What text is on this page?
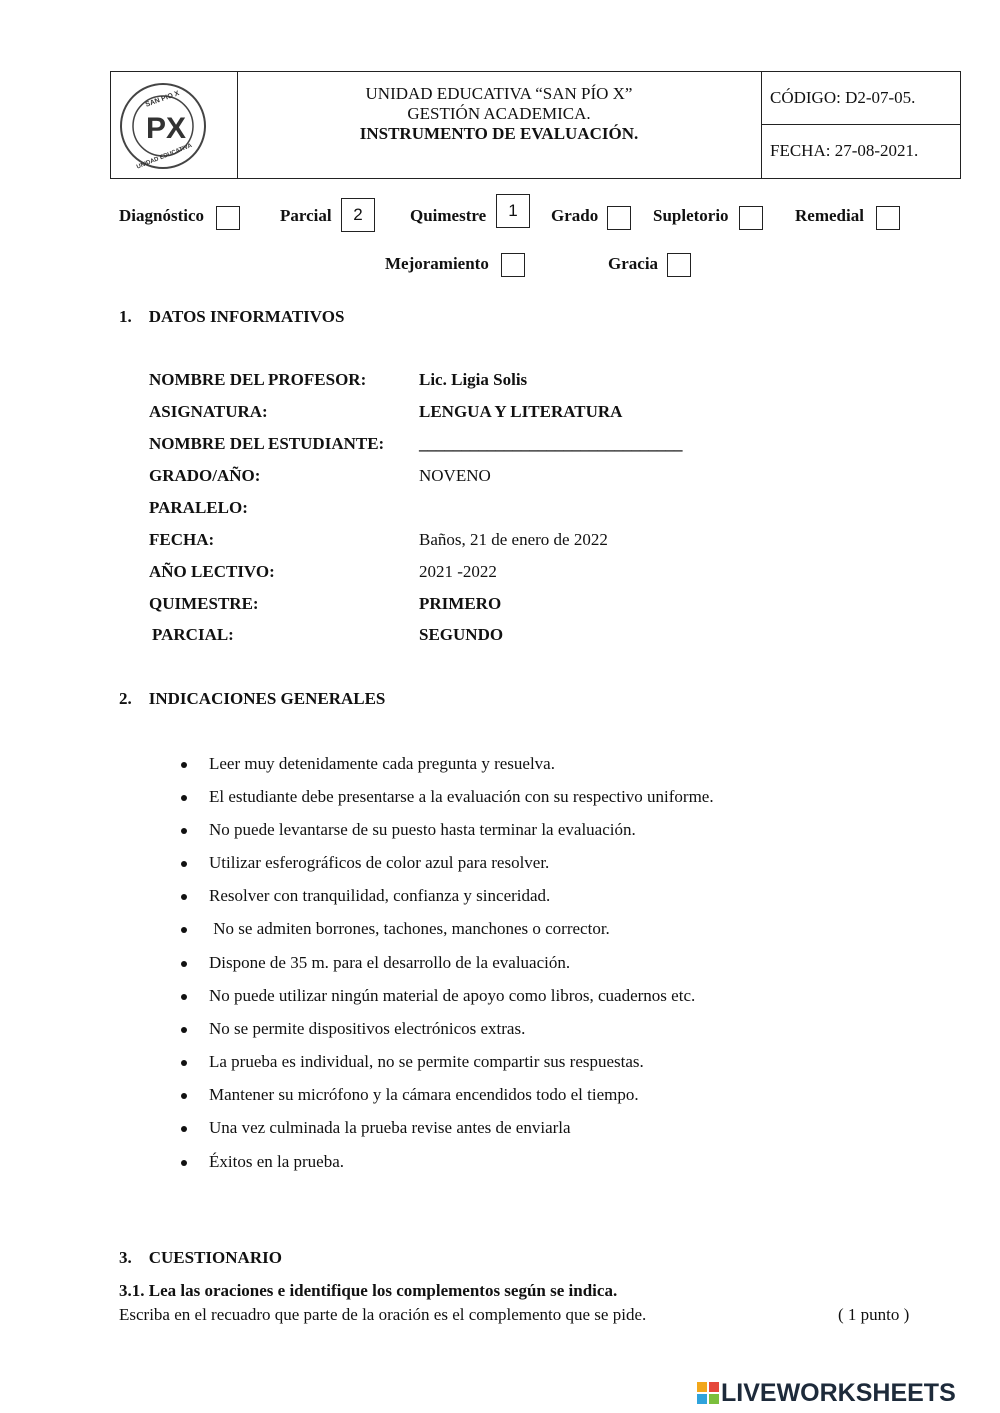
SAN PIO X
UNIDAD EDUCATIVA
PX
UNIDAD EDUCATIVA “SAN PÍO X”
GESTIÓN ACADEMICA.
INSTRUMENTO DE EVALUACIÓN.
CÓDIGO: D2-07-05.
FECHA: 27-08-2021.
Diagnóstico	Parcial	2	Quimestre	1	Grado	Supletorio	Remedial
Mejoramiento	Gracia
1. DATOS INFORMATIVOS
NOMBRE DEL PROFESOR:	Lic. Ligia Solis
ASIGNATURA:	LENGUA Y LITERATURA
NOMBRE DEL ESTUDIANTE: _______________________________
GRADO/AÑO:	NOVENO
PARALELO:
FECHA:	Baños, 21 de enero de 2022
AÑO LECTIVO:	2021 -2022
QUIMESTRE:	PRIMERO
PARCIAL:	SEGUNDO
2. INDICACIONES GENERALES
Leer muy detenidamente cada pregunta y resuelva.
El estudiante debe presentarse a la evaluación con su respectivo uniforme.
No puede levantarse de su puesto hasta terminar la evaluación.
Utilizar esferográficos de color azul para resolver.
Resolver con tranquilidad, confianza y sinceridad.
No se admiten borrones, tachones, manchones o corrector.
Dispone de 35 m. para el desarrollo de la evaluación.
No puede utilizar ningún material de apoyo como libros, cuadernos etc.
No se permite dispositivos electrónicos extras.
La prueba es individual, no se permite compartir sus respuestas.
Mantener su micrófono y la cámara encendidos todo el tiempo.
Una vez culminada la prueba revise antes de enviarla
Éxitos en la prueba.
3. CUESTIONARIO
3.1. Lea las oraciones e identifique los complementos según se indica.
Escriba en el recuadro que parte de la oración es el complemento que se pide.	( 1 punto )
LIVEWORKSHEETS
